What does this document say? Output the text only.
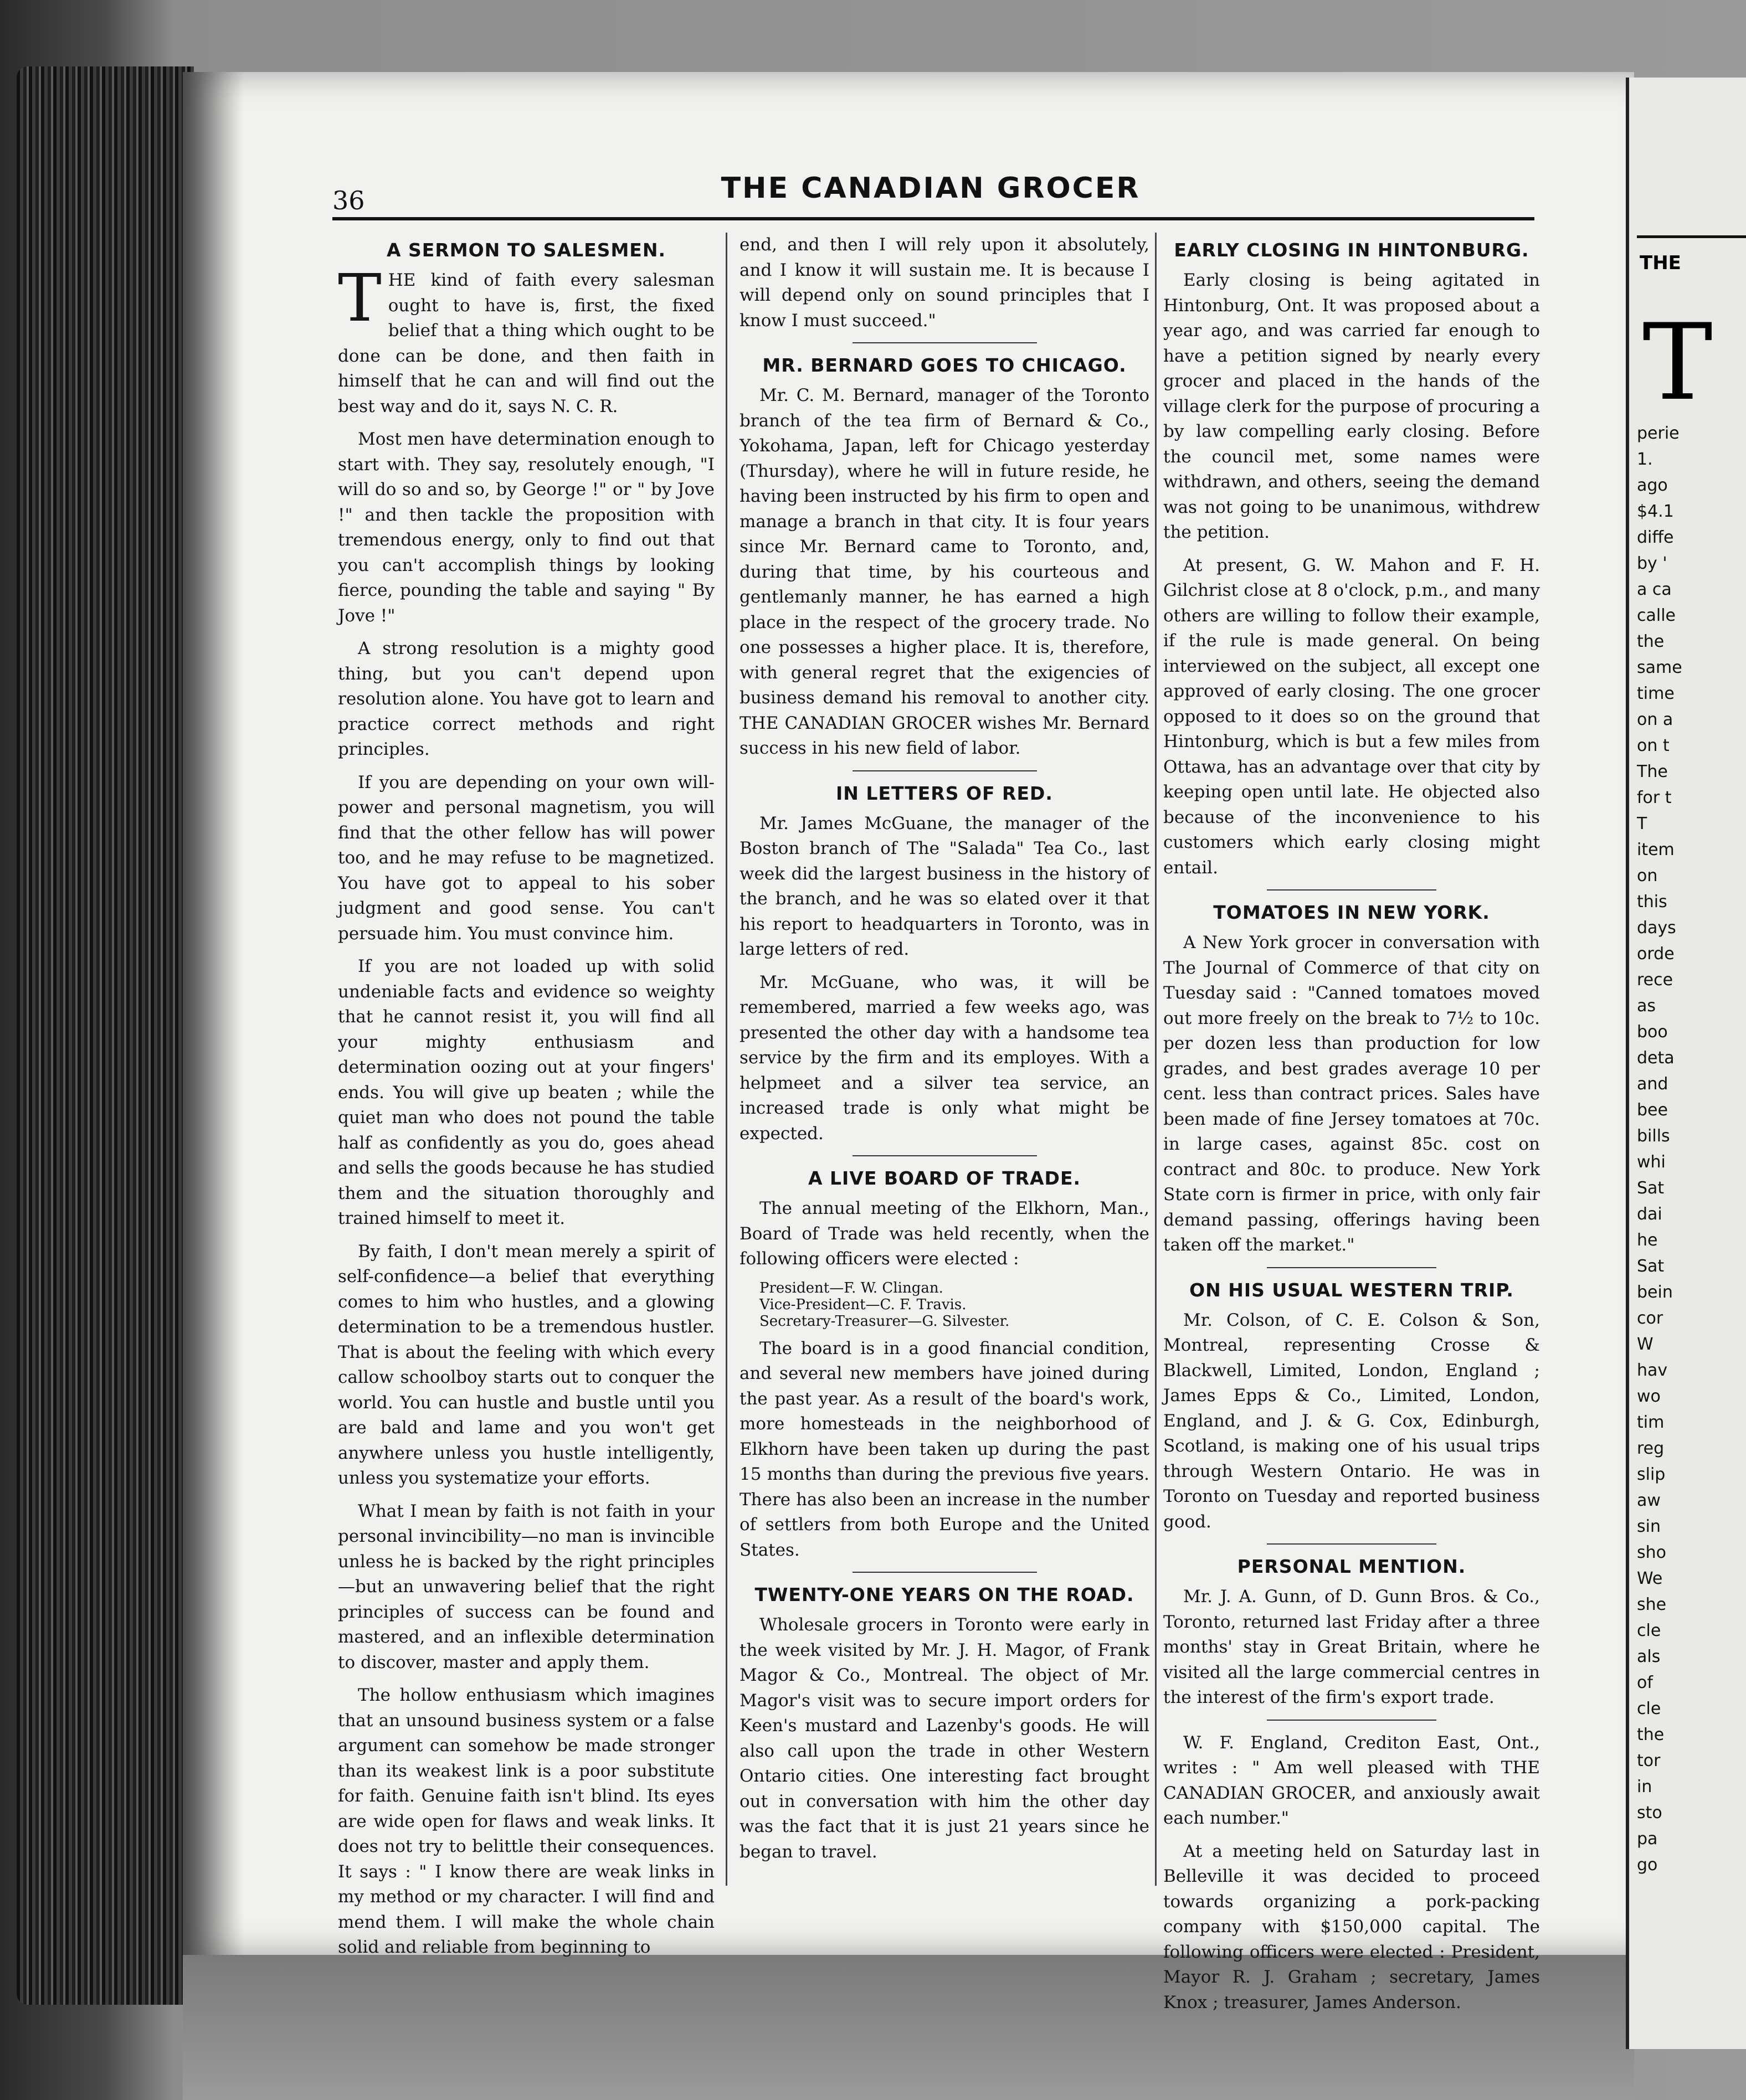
36	THE CANADIAN GROCER
A SERMON TO SALESMEN.

THE kind of faith every salesman ought to have is, first, the fixed belief that a thing which ought to be done can be done, and then faith in himself that he can and will find out the best way and do it, says N. C. R.

Most men have determination enough to start with. They say, resolutely enough, "I will do so and so, by George !" or " by Jove !" and then tackle the proposition with tremendous energy, only to find out that you can't accomplish things by looking fierce, pounding the table and saying " By Jove !"

A strong resolution is a mighty good thing, but you can't depend upon resolution alone. You have got to learn and practice correct methods and right principles.

If you are depending on your own will-power and personal magnetism, you will find that the other fellow has will power too, and he may refuse to be magnetized. You have got to appeal to his sober judgment and good sense. You can't persuade him. You must convince him.

If you are not loaded up with solid undeniable facts and evidence so weighty that he cannot resist it, you will find all your mighty enthusiasm and determination oozing out at your fingers' ends. You will give up beaten ; while the quiet man who does not pound the table half as confidently as you do, goes ahead and sells the goods because he has studied them and the situation thoroughly and trained himself to meet it.

By faith, I don't mean merely a spirit of self-confidence—a belief that everything comes to him who hustles, and a glowing determination to be a tremendous hustler. That is about the feeling with which every callow schoolboy starts out to conquer the world. You can hustle and bustle until you are bald and lame and you won't get anywhere unless you hustle intelligently, unless you systematize your efforts.

What I mean by faith is not faith in your personal invincibility—no man is invincible unless he is backed by the right principles —but an unwavering belief that the right principles of success can be found and mastered, and an inflexible determination to discover, master and apply them.

The hollow enthusiasm which imagines that an unsound business system or a false argument can somehow be made stronger than its weakest link is a poor substitute for faith. Genuine faith isn't blind. Its eyes are wide open for flaws and weak links. It does not try to belittle their consequences. It says : " I know there are weak links in my method or my character. I will find and mend them. I will make the whole chain solid and reliable from beginning to

end, and then I will rely upon it absolutely, and I know it will sustain me. It is because I will depend only on sound principles that I know I must succeed."

MR. BERNARD GOES TO CHICAGO.

Mr. C. M. Bernard, manager of the Toronto branch of the tea firm of Bernard & Co., Yokohama, Japan, left for Chicago yesterday (Thursday), where he will in future reside, he having been instructed by his firm to open and manage a branch in that city. It is four years since Mr. Bernard came to Toronto, and, during that time, by his courteous and gentlemanly manner, he has earned a high place in the respect of the grocery trade. No one possesses a higher place. It is, therefore, with general regret that the exigencies of business demand his removal to another city. THE CANADIAN GROCER wishes Mr. Bernard success in his new field of labor.

IN LETTERS OF RED.

Mr. James McGuane, the manager of the Boston branch of The "Salada" Tea Co., last week did the largest business in the history of the branch, and he was so elated over it that his report to headquarters in Toronto, was in large letters of red.

Mr. McGuane, who was, it will be remembered, married a few weeks ago, was presented the other day with a handsome tea service by the firm and its employes. With a helpmeet and a silver tea service, an increased trade is only what might be expected.

A LIVE BOARD OF TRADE.

The annual meeting of the Elkhorn, Man., Board of Trade was held recently, when the following officers were elected :

President—F. W. Clingan.
Vice-President—C. F. Travis.
Secretary-Treasurer—G. Silvester.

The board is in a good financial condition, and several new members have joined during the past year. As a result of the board's work, more homesteads in the neighborhood of Elkhorn have been taken up during the past 15 months than during the previous five years. There has also been an increase in the number of settlers from both Europe and the United States.

TWENTY-ONE YEARS ON THE ROAD.

Wholesale grocers in Toronto were early in the week visited by Mr. J. H. Magor, of Frank Magor & Co., Montreal. The object of Mr. Magor's visit was to secure import orders for Keen's mustard and Lazenby's goods. He will also call upon the trade in other Western Ontario cities. One interesting fact brought out in conversation with him the other day was the fact that it is just 21 years since he began to travel.

EARLY CLOSING IN HINTONBURG.

Early closing is being agitated in Hintonburg, Ont. It was proposed about a year ago, and was carried far enough to have a petition signed by nearly every grocer and placed in the hands of the village clerk for the purpose of procuring a by law compelling early closing. Before the council met, some names were withdrawn, and others, seeing the demand was not going to be unanimous, withdrew the petition.

At present, G. W. Mahon and F. H. Gilchrist close at 8 o'clock, p.m., and many others are willing to follow their example, if the rule is made general. On being interviewed on the subject, all except one approved of early closing. The one grocer opposed to it does so on the ground that Hintonburg, which is but a few miles from Ottawa, has an advantage over that city by keeping open until late. He objected also because of the inconvenience to his customers which early closing might entail.

TOMATOES IN NEW YORK.

A New York grocer in conversation with The Journal of Commerce of that city on Tuesday said : "Canned tomatoes moved out more freely on the break to 7½ to 10c. per dozen less than production for low grades, and best grades average 10 per cent. less than contract prices. Sales have been made of fine Jersey tomatoes at 70c. in large cases, against 85c. cost on contract and 80c. to produce. New York State corn is firmer in price, with only fair demand passing, offerings having been taken off the market."

ON HIS USUAL WESTERN TRIP.

Mr. Colson, of C. E. Colson & Son, Montreal, representing Crosse & Blackwell, Limited, London, England ; James Epps & Co., Limited, London, England, and J. & G. Cox, Edinburgh, Scotland, is making one of his usual trips through Western Ontario. He was in Toronto on Tuesday and reported business good.

PERSONAL MENTION.

Mr. J. A. Gunn, of D. Gunn Bros. & Co., Toronto, returned last Friday after a three months' stay in Great Britain, where he visited all the large commercial centres in the interest of the firm's export trade.

W. F. England, Crediton East, Ont., writes : " Am well pleased with THE CANADIAN GROCER, and anxiously await each number."

At a meeting held on Saturday last in Belleville it was decided to proceed towards organizing a pork-packing company with $150,000 capital. The following officers were elected : President, Mayor R. J. Graham ; secretary, James Knox ; treasurer, James Anderson.

THE
T
perie
1.
ago
$4.1
diffe
by '
a ca
calle
the
same
time
on a
on t
The
for t
T
item
on
this
days
orde
rece
as
boo
deta
and
bee
bills
whi
Sat
dai
he
Sat
bein
cor
W
hav
wo
tim
reg
slip
aw
sin
sho
We
she
cle
als
of
cle
the
tor
in
sto
pa
go
